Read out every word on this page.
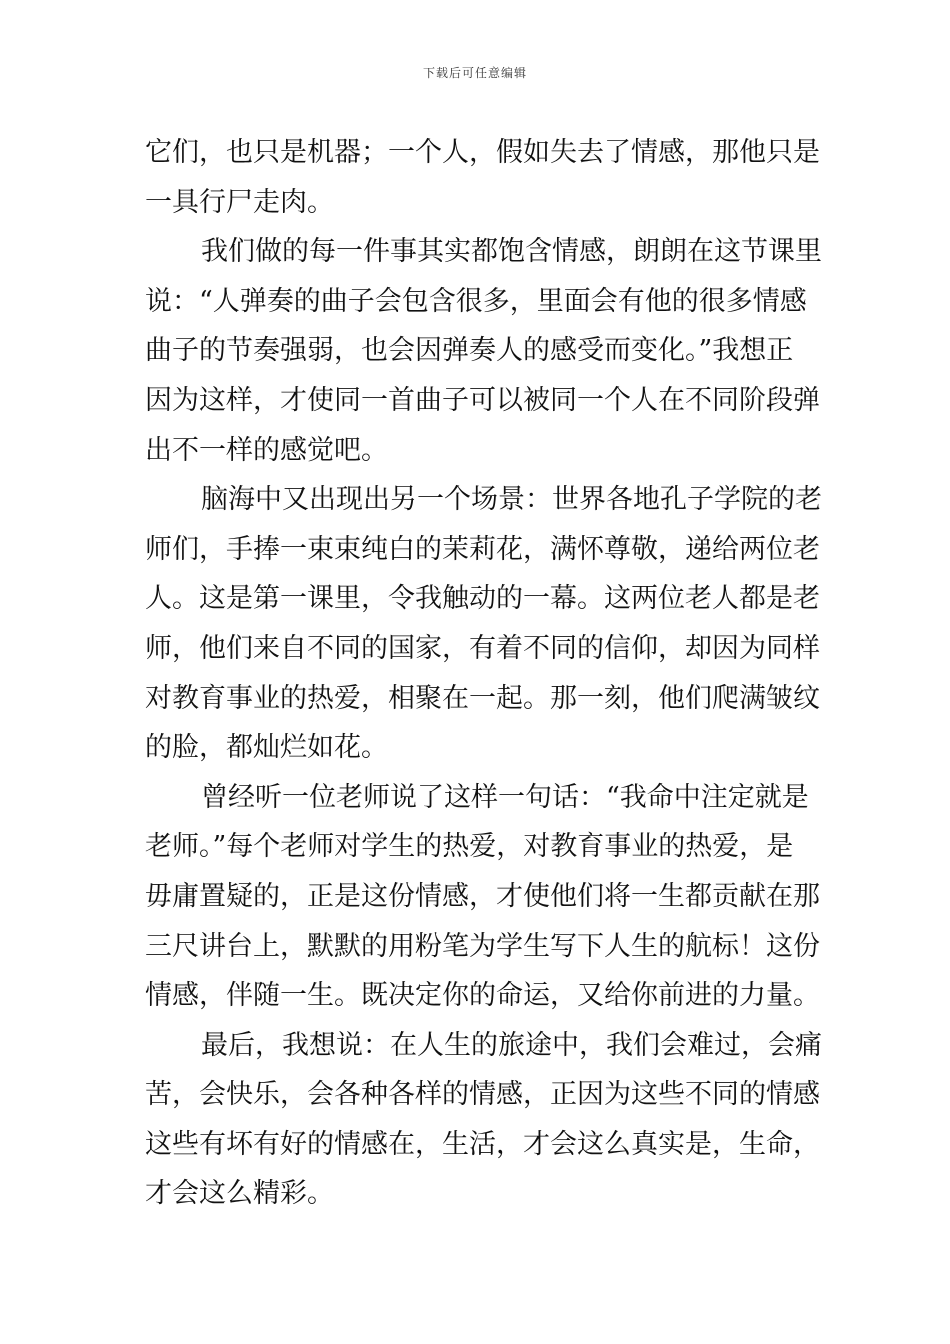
下载后可任意编辑
它们，也只是机器；一个人，假如失去了情感，那他只是
一具行尸走肉。
我们做的每一件事其实都饱含情感，朗朗在这节课里
说：“人弹奏的曲子会包含很多，里面会有他的很多情感
曲子的节奏强弱，也会因弹奏人的感受而变化。”我想正
因为这样，才使同一首曲子可以被同一个人在不同阶段弹
出不一样的感觉吧。
脑海中又出现出另一个场景：世界各地孔子学院的老
师们，手捧一束束纯白的茉莉花，满怀尊敬，递给两位老
人。这是第一课里，令我触动的一幕。这两位老人都是老
师，他们来自不同的国家，有着不同的信仰，却因为同样
对教育事业的热爱，相聚在一起。那一刻，他们爬满皱纹
的脸，都灿烂如花。
曾经听一位老师说了这样一句话：“我命中注定就是
老师。”每个老师对学生的热爱，对教育事业的热爱，是
毋庸置疑的，正是这份情感，才使他们将一生都贡献在那
三尺讲台上，默默的用粉笔为学生写下人生的航标！这份
情感，伴随一生。既决定你的命运，又给你前进的力量。
最后，我想说：在人生的旅途中，我们会难过，会痛
苦，会快乐，会各种各样的情感，正因为这些不同的情感
这些有坏有好的情感在，生活，才会这么真实是，生命，
才会这么精彩。
